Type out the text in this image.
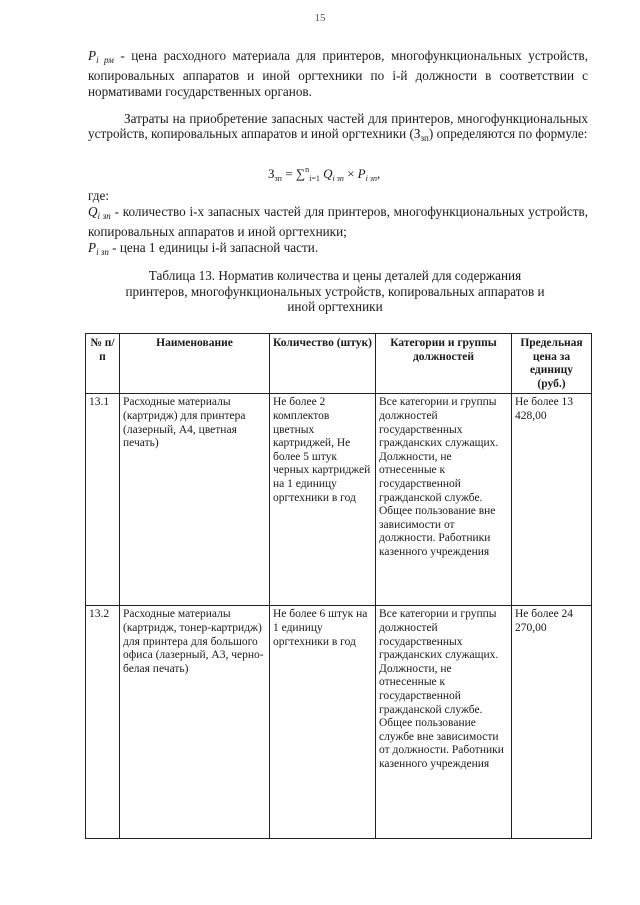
15
$P_{i рм}$ - цена расходного материала для принтеров, многофункциональных устройств, копировальных аппаратов и иной оргтехники по i-й должности в соответствии с нормативами государственных органов.
Затраты на приобретение запасных частей для принтеров, многофункциональных устройств, копировальных аппаратов и иной оргтехники $(З_{зп})$ определяются по формуле:
$З_{зп} = \sum^n_{i=1}$ $Q_{i зп} \times P_{i зп}$,
где:
$Q_{i зп}$ - количество i-х запасных частей для принтеров, многофункциональных устройств, копировальных аппаратов и иной оргтехники;
$P_{i зп}$ - цена 1 единицы i-й запасной части.
Таблица 13. Норматив количества и цены деталей для содержания принтеров, многофункциональных устройств, копировальных аппаратов и иной оргтехники
№ п/п	Наименование	Количество (штук)	Категории и группы должностей	Предельная цена за единицу (руб.)
13.1	Расходные материалы (картридж) для принтера (лазерный, А4, цветная печать)	Не более 2 комплектов цветных картриджей, Не более 5 штук черных картриджей на 1 единицу оргтехники в год	Все категории и группы должностей государственных гражданских служащих. Должности, не отнесенные к государственной гражданской службе. Общее пользование вне зависимости от должности. Работники казенного учреждения	Не более 13 428,00
13.2	Расходные материалы (картридж, тонер-картридж) для принтера для большого офиса (лазерный, А3, черно-белая печать)	Не более 6 штук на 1 единицу оргтехники в год	Все категории и группы должностей государственных гражданских служащих. Должности, не отнесенные к государственной гражданской службе. Общее пользование службе вне зависимости от должности. Работники казенного учреждения	Не более 24 270,00
